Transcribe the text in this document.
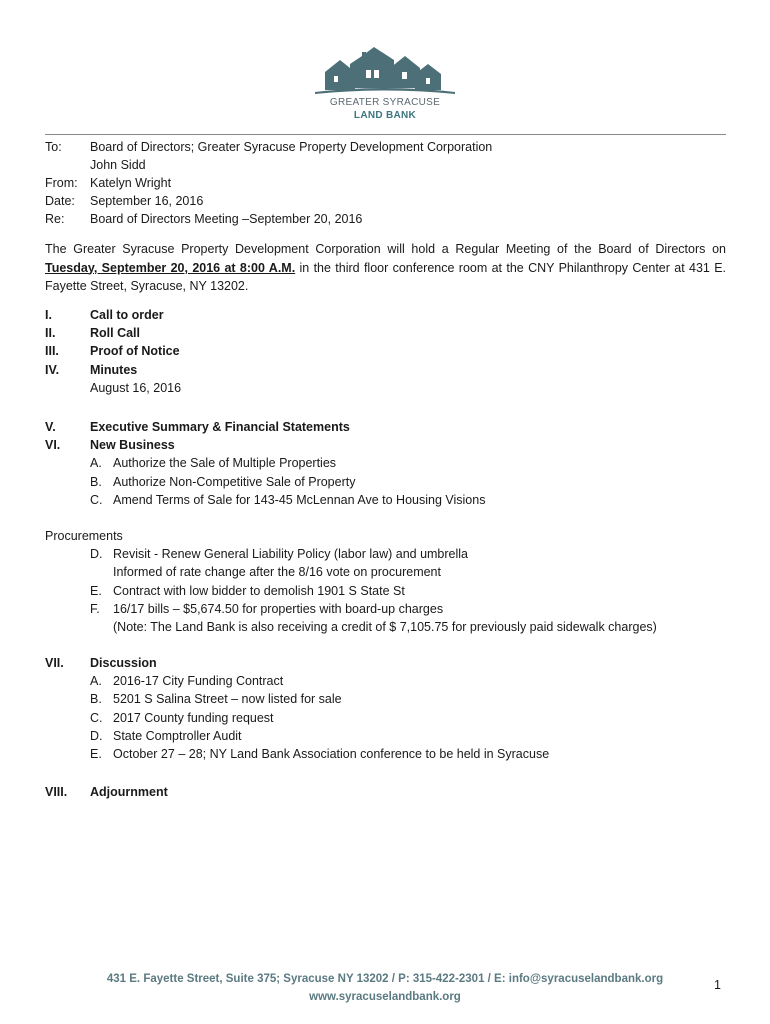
GREATER SYRACUSE
LAND BANK
To:	Board of Directors; Greater Syracuse Property Development Corporation
John Sidd
From: Katelyn Wright
Date:	September 16, 2016
Re:	Board of Directors Meeting –September 20, 2016
The Greater Syracuse Property Development Corporation will hold a Regular Meeting of the Board of Directors on Tuesday, September 20, 2016 at 8:00 A.M. in the third floor conference room at the CNY Philanthropy Center at 431 E. Fayette Street, Syracuse, NY 13202.
I.	Call to order
II.	Roll Call
III.	Proof of Notice
IV.	Minutes
August 16, 2016
V.	Executive Summary & Financial Statements
VI.	New Business
A. Authorize the Sale of Multiple Properties
B. Authorize Non-Competitive Sale of Property
C. Amend Terms of Sale for 143-45 McLennan Ave to Housing Visions
Procurements
D. Revisit - Renew General Liability Policy (labor law) and umbrella
Informed of rate change after the 8/16 vote on procurement
E. Contract with low bidder to demolish 1901 S State St
F.	16/17 bills – $5,674.50 for properties with board-up charges
(Note: The Land Bank is also receiving a credit of $ 7,105.75 for previously paid sidewalk charges)
VII.	Discussion
A. 2016-17 City Funding Contract
B. 5201 S Salina Street – now listed for sale
C. 2017 County funding request
D. State Comptroller Audit
E. October 27 – 28; NY Land Bank Association conference to be held in Syracuse
VIII.	Adjournment
431 E. Fayette Street, Suite 375; Syracuse NY 13202 / P: 315-422-2301 / E: info@syracuselandbank.org
www.syracuselandbank.org
1
